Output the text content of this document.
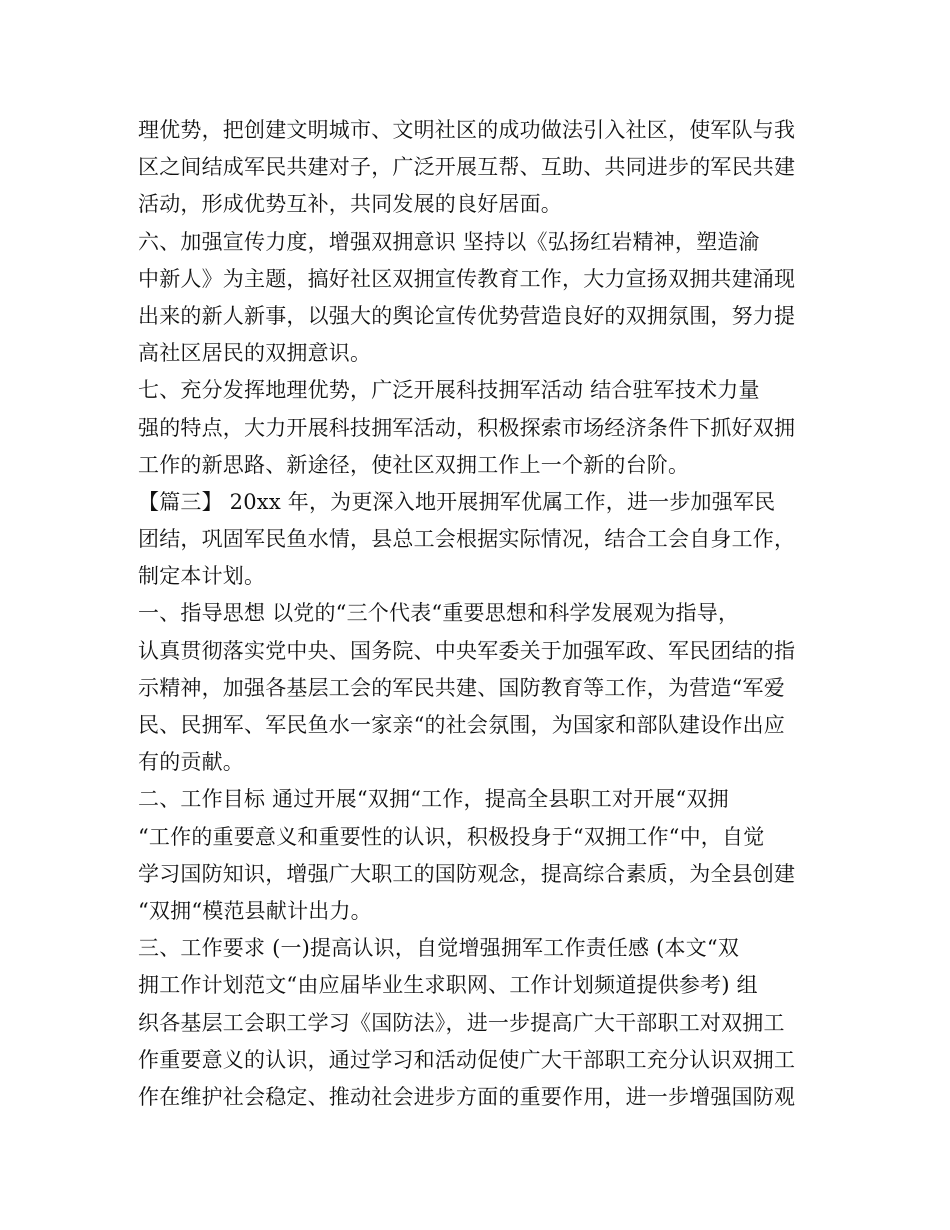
理优势，把创建文明城市、文明社区的成功做法引入社区，使军队与我
区之间结成军民共建对子，广泛开展互帮、互助、共同进步的军民共建
活动，形成优势互补，共同发展的良好居面。
六、加强宣传力度，增强双拥意识 坚持以《弘扬红岩精神，塑造渝
中新人》为主题，搞好社区双拥宣传教育工作，大力宣扬双拥共建涌现
出来的新人新事，以强大的舆论宣传优势营造良好的双拥氛围，努力提
高社区居民的双拥意识。
七、充分发挥地理优势，广泛开展科技拥军活动 结合驻军技术力量
强的特点，大力开展科技拥军活动，积极探索市场经济条件下抓好双拥
工作的新思路、新途径，使社区双拥工作上一个新的台阶。
【篇三】 20xx 年，为更深入地开展拥军优属工作，进一步加强军民
团结，巩固军民鱼水情，县总工会根据实际情况，结合工会自身工作，
制定本计划。
一、指导思想 以党的“三个代表“重要思想和科学发展观为指导，
认真贯彻落实党中央、国务院、中央军委关于加强军政、军民团结的指
示精神，加强各基层工会的军民共建、国防教育等工作，为营造“军爱
民、民拥军、军民鱼水一家亲“的社会氛围，为国家和部队建设作出应
有的贡献。
二、工作目标 通过开展“双拥“工作，提高全县职工对开展“双拥
“工作的重要意义和重要性的认识，积极投身于“双拥工作“中，自觉
学习国防知识，增强广大职工的国防观念，提高综合素质，为全县创建
“双拥“模范县献计出力。
三、工作要求 (一)提高认识，自觉增强拥军工作责任感 (本文“双
拥工作计划范文“由应届毕业生求职网、工作计划频道提供参考) 组
织各基层工会职工学习《国防法》，进一步提高广大干部职工对双拥工
作重要意义的认识，通过学习和活动促使广大干部职工充分认识双拥工
作在维护社会稳定、推动社会进步方面的重要作用，进一步增强国防观
